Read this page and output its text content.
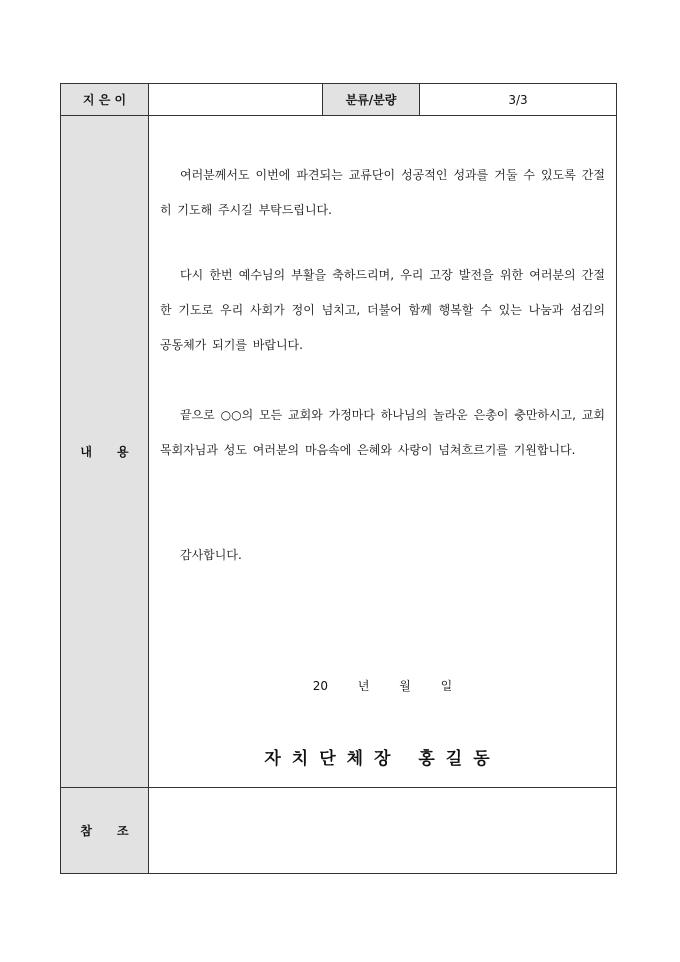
지 은 이	분류/분량	3/3
내      용

여러분께서도 이번에 파견되는 교류단이 성공적인 성과를 거둘 수 있도록 간절히 기도해 주시길 부탁드립니다.

다시 한번 예수님의 부활을 축하드리며, 우리 고장 발전을 위한 여러분의 간절한 기도로 우리 사회가 정이 넘치고, 더불어 함께 행복할 수 있는 나눔과 섬김의 공동체가 되기를 바랍니다.

끝으로 ○○의 모든 교회와 가정마다 하나님의 놀라운 은총이 충만하시고, 교회 목회자님과 성도 여러분의 마음속에 은혜와 사랑이 넘쳐흐르기를 기원합니다.

감사합니다.

20 년 월 일
자치단체장 홍길동
참      조
